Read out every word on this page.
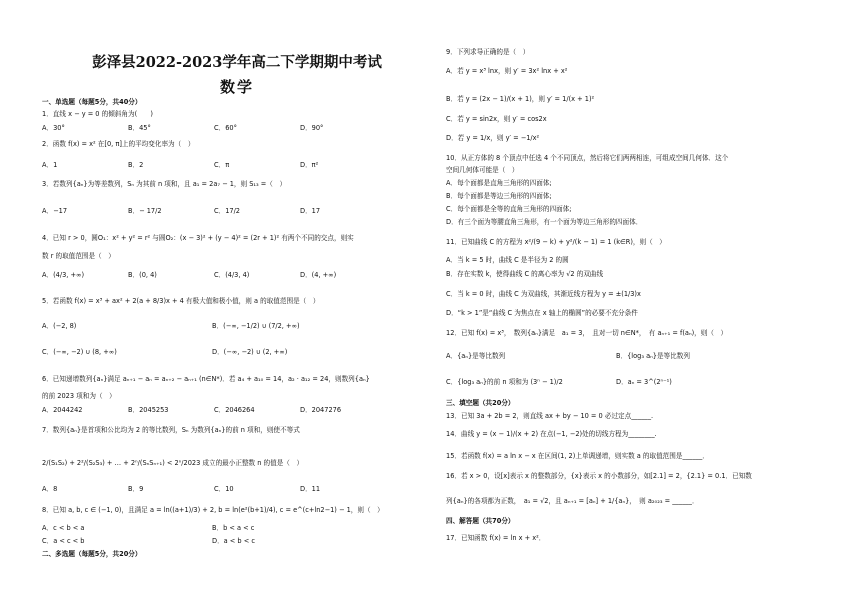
彭泽县2022-2023学年高二下学期期中考试
数学
一、单选题（每题5分，共40分）
1．直线 x − y = 0 的倾斜角为(　　)
A．30°	B．45°	C．60°	D．90°
2．函数 f(x) = x² 在[0, π]上的平均变化率为（　）
A．1	B．2	C．π	D．π²
3．若数列{aₙ}为等差数列，Sₙ 为其前 n 项和，且 a₁ = 2a₇ − 1，则 S₁₃ =（　）
A．−17	B．− 17/2	C．17/2	D．17
4．已知 r > 0，圆O₁：x² + y² = r² 与圆O₂：(x − 3)² + (y − 4)² = (2r + 1)² 有两个不同的交点，则实
数 r 的取值范围是（　）
A．(4/3, +∞)	B．(0, 4)	C．(4/3, 4)	D．(4, +∞)
5．若函数 f(x) = x³ + ax² + 2(a + 8/3)x + 4 有极大值和极小值，则 a 的取值范围是（　）
A．(−2, 8)	B．(−∞, −1/2) ∪ (7/2, +∞)
C．(−∞, −2) ∪ (8, +∞)	D．(−∞, −2) ∪ (2, +∞)
6．已知递增数列{aₙ}满足 aₙ₊₁ − aₙ = aₙ₊₂ − aₙ₊₁ (n∈N*)．若 a₄ + a₁₀ = 14，a₂ · a₁₂ = 24，则数列{aₙ}
的前 2023 项和为（　）
A．2044242	B．2045253	C．2046264	D．2047276
7．数列{aₙ}是首项和公比均为 2 的等比数列，Sₙ 为数列{aₙ}的前 n 项和，则使不等式
2/(S₁S₂) + 2²/(S₂S₃) + … + 2ⁿ/(SₙSₙ₊₁) < 2ⁿ/2023 成立的最小正整数 n 的值是（　）
A．8	B．9	C．10	D．11
8．已知 a, b, c ∈ (−1, 0)，且满足 a = ln((a+1)/3) + 2, b = ln(e²(b+1)/4), c = e^(c+ln2−1) − 1，则（　）
A．c < b < a	B．b < a < c
C．a < c < b	D．a < b < c
二、多选题（每题5分，共20分）
9．下列求导正确的是（　）
A．若 y = x³ lnx，则 y′ = 3x² lnx + x²
B．若 y = (2x − 1)/(x + 1)，则 y′ = 1/(x + 1)²
C．若 y = sin2x，则 y′ = cos2x
D．若 y = 1/x，则 y′ = −1/x²
10．从正方体的 8 个顶点中任选 4 个不同顶点，然后将它们两两相连，可组成空间几何体．这个
空间几何体可能是（　）
A．每个面都是直角三角形的四面体;
B．每个面都是等边三角形的四面体;
C．每个面都是全等的直角三角形的四面体;
D．有三个面为等腰直角三角形，有一个面为等边三角形的四面体．
11．已知曲线 C 的方程为 x²/(9 − k) + y²/(k − 1) = 1 (k∈R)，则（　）
A．当 k = 5 时，曲线 C 是半径为 2 的圆
B．存在实数 k，使得曲线 C 的离心率为 √2 的双曲线
C．当 k = 0 时，曲线 C 为双曲线，其渐近线方程为 y = ±(1/3)x
D．“k > 1”是“曲线 C 为焦点在 x 轴上的椭圆”的必要不充分条件
12．已知 f(x) = x³，　数列{aₙ}满足　a₁ = 3，　且对一切 n∈N*，　有 aₙ₊₁ = f(aₙ)，则（　）
A．{aₙ}是等比数列	B．{log₃ aₙ}是等比数列
C．{log₃ aₙ}的前 n 项和为 (3ⁿ − 1)/2	D．aₙ = 3^(2ⁿ⁻¹)
三、填空题（共20分）
13．已知 3a + 2b = 2，则直线 ax + by − 10 = 0 必过定点______.
14．曲线 y = (x − 1)/(x + 2) 在点(−1, −2)处的切线方程为________.
15．若函数 f(x) = a ln x − x 在区间(1, 2)上单调递增，则实数 a 的取值范围是______．
16．若 x > 0，设[x]表示 x 的整数部分，{x}表示 x 的小数部分，如[2.1] = 2，{2.1} = 0.1．已知数
列{aₙ}的各项都为正数，　a₁ = √2，且 aₙ₊₁ = [aₙ] + 1/{aₙ}，　则 a₂₀₂₃ = ______．
四、解答题（共70分）
17．已知函数 f(x) = ln x + x²．
